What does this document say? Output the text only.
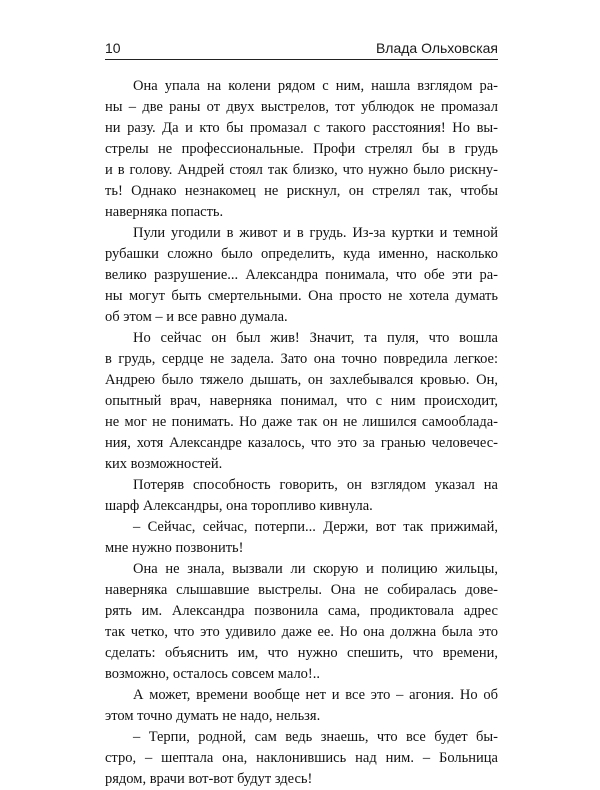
10	Влада Ольховская

Она упала на колени рядом с ним, нашла взглядом ра-
ны – две раны от двух выстрелов, тот ублюдок не промазал
ни разу. Да и кто бы промазал с такого расстояния! Но вы-
стрелы не профессиональные. Профи стрелял бы в грудь
и в голову. Андрей стоял так близко, что нужно было рискну-
ть! Однако незнакомец не рискнул, он стрелял так, чтобы
наверняка попасть.

Пули угодили в живот и в грудь. Из-за куртки и темной
рубашки сложно было определить, куда именно, насколько
велико разрушение... Александра понимала, что обе эти ра-
ны могут быть смертельными. Она просто не хотела думать
об этом – и все равно думала.

Но сейчас он был жив! Значит, та пуля, что вошла
в грудь, сердце не задела. Зато она точно повредила легкое:
Андрею было тяжело дышать, он захлебывался кровью. Он,
опытный врач, наверняка понимал, что с ним происходит,
не мог не понимать. Но даже так он не лишился самооблада-
ния, хотя Александре казалось, что это за гранью человечес-
ких возможностей.

Потеряв способность говорить, он взглядом указал на
шарф Александры, она торопливо кивнула.

– Сейчас, сейчас, потерпи... Держи, вот так прижимай,
мне нужно позвонить!

Она не знала, вызвали ли скорую и полицию жильцы,
наверняка слышавшие выстрелы. Она не собиралась дове-
рять им. Александра позвонила сама, продиктовала адрес
так четко, что это удивило даже ее. Но она должна была это
сделать: объяснить им, что нужно спешить, что времени,
возможно, осталось совсем мало!..

А может, времени вообще нет и все это – агония. Но об
этом точно думать не надо, нельзя.

– Терпи, родной, сам ведь знаешь, что все будет бы-
стро, – шептала она, наклонившись над ним. – Больница
рядом, врачи вот-вот будут здесь!
